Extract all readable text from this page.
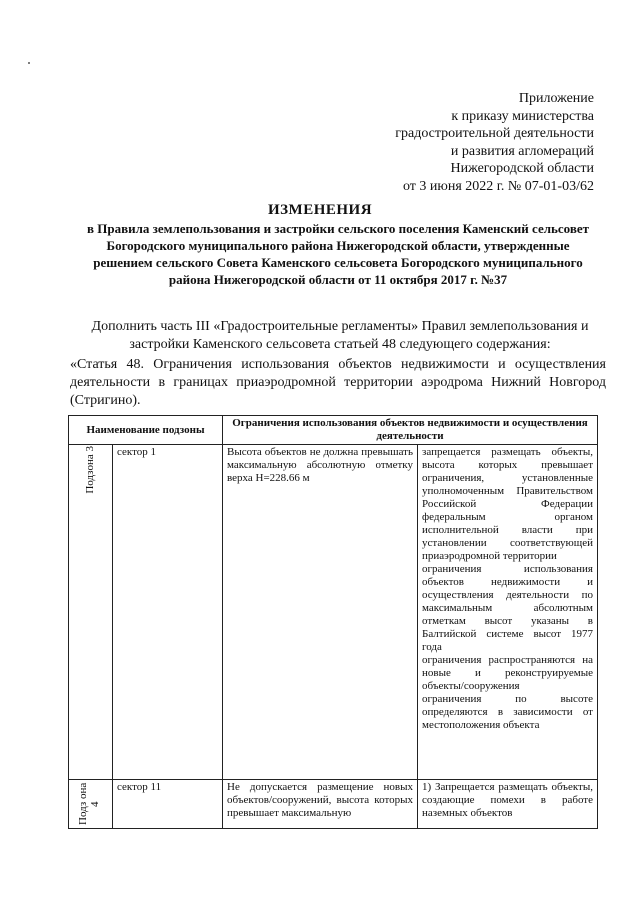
Приложение
к приказу министерства
градостроительной деятельности
и развития агломераций
Нижегородской области
от 3 июня 2022 г. № 07-01-03/62
ИЗМЕНЕНИЯ
в Правила землепользования и застройки сельского поселения Каменский сельсовет Богородского муниципального района Нижегородской области, утвержденные решением сельского Совета Каменского сельсовета Богородского муниципального района Нижегородской области от 11 октября 2017 г. №37
Дополнить часть III «Градостроительные регламенты» Правил землепользования и застройки Каменского сельсовета статьей 48 следующего содержания:
«Статья 48. Ограничения использования объектов недвижимости и осуществления деятельности в границах приаэродромной территории аэродрома Нижний Новгород (Стригино).
Наименование подзоны		Ограничения использования объектов недвижимости и осуществления деятельности	

Подзона 3	сектор 1	Высота объектов не должна превышать максимальную абсолютную отметку верха H=228.66 м	запрещается размещать объекты, высота которых превышает ограничения, установленные уполномоченным Правительством Российской Федерации федеральным органом исполнительной власти при установлении соответствующей приаэродромной территории
ограничения использования объектов недвижимости и осуществления деятельности по максимальным абсолютным отметкам высот указаны в Балтийской системе высот 1977 года
ограничения распространяются на новые и реконструируемые объекты/сооружения
ограничения по высоте определяются в зависимости от местоположения объекта

Подз она 4	сектор 11	Не допускается размещение новых объектов/сооружений, высота которых превышает максимальную	1) Запрещается размещать объекты, создающие помехи в работе наземных объектов
